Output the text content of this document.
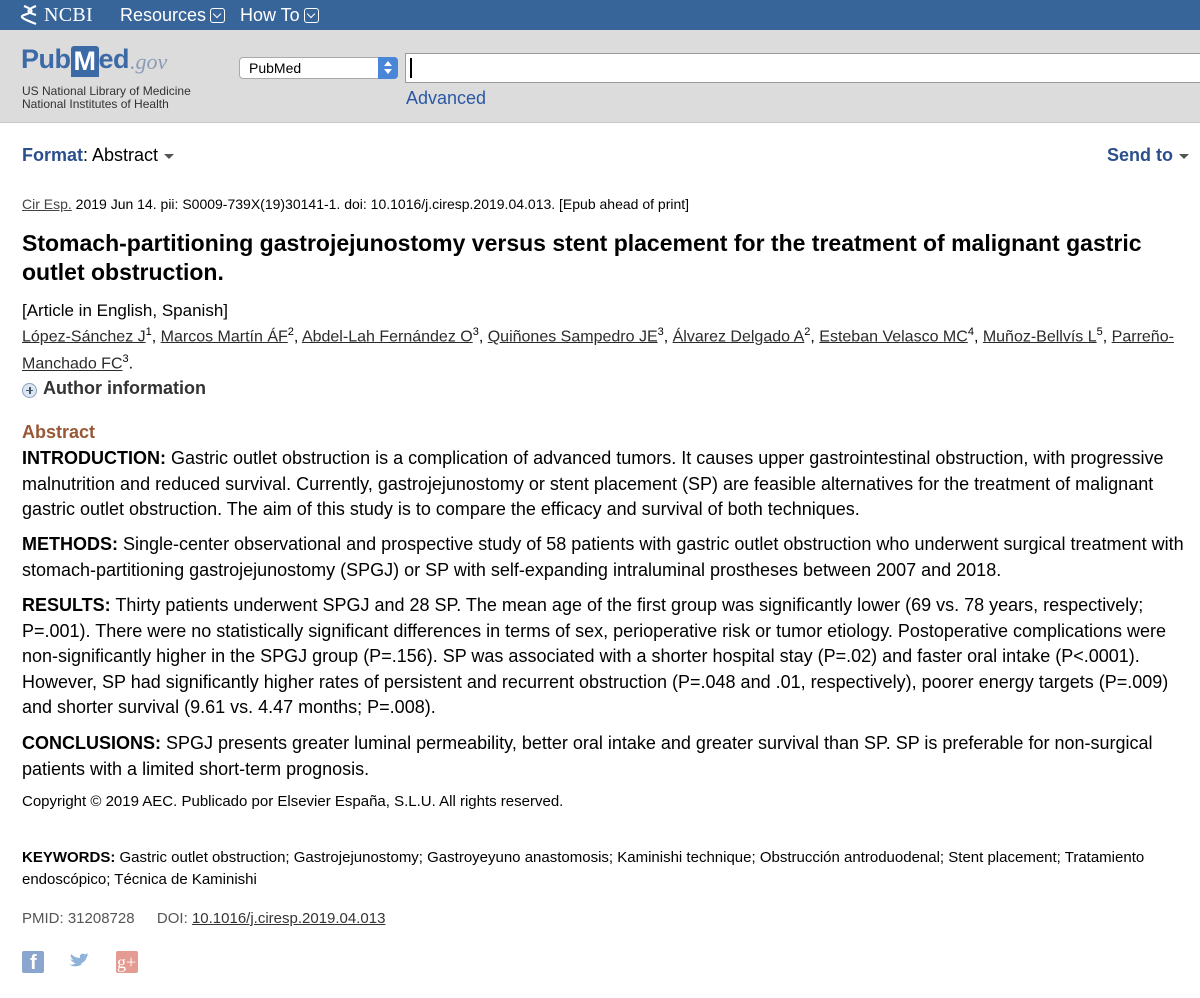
NCBI Resources How To
Pub M ed .gov
US National Library of Medicine
National Institutes of Health
PubMed
Advanced
Format: Abstract	Send to
Cir Esp. 2019 Jun 14. pii: S0009-739X(19)30141-1. doi: 10.1016/j.ciresp.2019.04.013. [Epub ahead of print]
Stomach-partitioning gastrojejunostomy versus stent placement for the treatment of malignant gastric outlet obstruction.
[Article in English, Spanish]
López-Sánchez $J^1$, Marcos Martín $ÁF^2$, Abdel-Lah Fernández $O^3$, Quiñones Sampedro $JE^3$, Álvarez Delgado $A^2$, Esteban Velasco $MC^4$, Muñoz-Bellvís $L^5$, Parreño-Manchado $FC^3$.
Author information
Abstract
INTRODUCTION: Gastric outlet obstruction is a complication of advanced tumors. It causes upper gastrointestinal obstruction, with progressive malnutrition and reduced survival. Currently, gastrojejunostomy or stent placement (SP) are feasible alternatives for the treatment of malignant gastric outlet obstruction. The aim of this study is to compare the efficacy and survival of both techniques.
METHODS: Single-center observational and prospective study of 58 patients with gastric outlet obstruction who underwent surgical treatment with stomach-partitioning gastrojejunostomy (SPGJ) or SP with self-expanding intraluminal prostheses between 2007 and 2018.
RESULTS: Thirty patients underwent SPGJ and 28 SP. The mean age of the first group was significantly lower (69 vs. 78 years, respectively; P=.001). There were no statistically significant differences in terms of sex, perioperative risk or tumor etiology. Postoperative complications were non-significantly higher in the SPGJ group (P=.156). SP was associated with a shorter hospital stay (P=.02) and faster oral intake (P<.0001). However, SP had significantly higher rates of persistent and recurrent obstruction (P=.048 and .01, respectively), poorer energy targets (P=.009) and shorter survival (9.61 vs. 4.47 months; P=.008).
CONCLUSIONS: SPGJ presents greater luminal permeability, better oral intake and greater survival than SP. SP is preferable for non-surgical patients with a limited short-term prognosis.
Copyright © 2019 AEC. Publicado por Elsevier España, S.L.U. All rights reserved.
KEYWORDS: Gastric outlet obstruction; Gastrojejunostomy; Gastroyeyuno anastomosis; Kaminishi technique; Obstrucción antroduodenal; Stent placement; Tratamiento endoscópico; Técnica de Kaminishi
PMID: 31208728 DOI: 10.1016/j.ciresp.2019.04.013
f	g+
